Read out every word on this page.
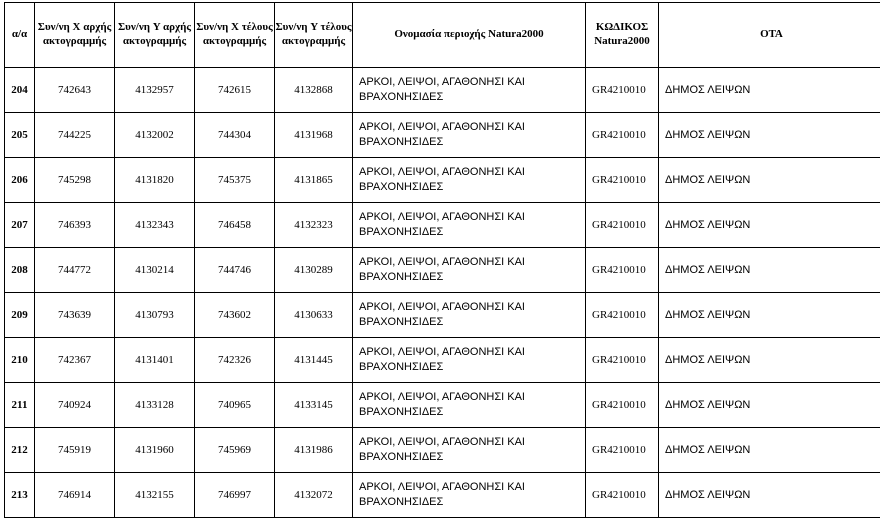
α/α	Συν/νη X αρχής ακτογραμμής	Συν/νη Y αρχής ακτογραμμής	Συν/νη X τέλους ακτογραμμής	Συν/νη Y τέλους ακτογραμμής	Ονομασία περιοχής Natura2000	ΚΩΔΙΚΟΣ Natura2000	ΟΤΑ
204	742643	4132957	742615	4132868	ΑΡΚΟΙ, ΛΕΙΨΟΙ, ΑΓΑΘΟΝΗΣΙ ΚΑΙ ΒΡΑΧΟΝΗΣΙΔΕΣ	GR4210010	ΔΗΜΟΣ ΛΕΙΨΩΝ
205	744225	4132002	744304	4131968	ΑΡΚΟΙ, ΛΕΙΨΟΙ, ΑΓΑΘΟΝΗΣΙ ΚΑΙ ΒΡΑΧΟΝΗΣΙΔΕΣ	GR4210010	ΔΗΜΟΣ ΛΕΙΨΩΝ
206	745298	4131820	745375	4131865	ΑΡΚΟΙ, ΛΕΙΨΟΙ, ΑΓΑΘΟΝΗΣΙ ΚΑΙ ΒΡΑΧΟΝΗΣΙΔΕΣ	GR4210010	ΔΗΜΟΣ ΛΕΙΨΩΝ
207	746393	4132343	746458	4132323	ΑΡΚΟΙ, ΛΕΙΨΟΙ, ΑΓΑΘΟΝΗΣΙ ΚΑΙ ΒΡΑΧΟΝΗΣΙΔΕΣ	GR4210010	ΔΗΜΟΣ ΛΕΙΨΩΝ
208	744772	4130214	744746	4130289	ΑΡΚΟΙ, ΛΕΙΨΟΙ, ΑΓΑΘΟΝΗΣΙ ΚΑΙ ΒΡΑΧΟΝΗΣΙΔΕΣ	GR4210010	ΔΗΜΟΣ ΛΕΙΨΩΝ
209	743639	4130793	743602	4130633	ΑΡΚΟΙ, ΛΕΙΨΟΙ, ΑΓΑΘΟΝΗΣΙ ΚΑΙ ΒΡΑΧΟΝΗΣΙΔΕΣ	GR4210010	ΔΗΜΟΣ ΛΕΙΨΩΝ
210	742367	4131401	742326	4131445	ΑΡΚΟΙ, ΛΕΙΨΟΙ, ΑΓΑΘΟΝΗΣΙ ΚΑΙ ΒΡΑΧΟΝΗΣΙΔΕΣ	GR4210010	ΔΗΜΟΣ ΛΕΙΨΩΝ
211	740924	4133128	740965	4133145	ΑΡΚΟΙ, ΛΕΙΨΟΙ, ΑΓΑΘΟΝΗΣΙ ΚΑΙ ΒΡΑΧΟΝΗΣΙΔΕΣ	GR4210010	ΔΗΜΟΣ ΛΕΙΨΩΝ
212	745919	4131960	745969	4131986	ΑΡΚΟΙ, ΛΕΙΨΟΙ, ΑΓΑΘΟΝΗΣΙ ΚΑΙ ΒΡΑΧΟΝΗΣΙΔΕΣ	GR4210010	ΔΗΜΟΣ ΛΕΙΨΩΝ
213	746914	4132155	746997	4132072	ΑΡΚΟΙ, ΛΕΙΨΟΙ, ΑΓΑΘΟΝΗΣΙ ΚΑΙ ΒΡΑΧΟΝΗΣΙΔΕΣ	GR4210010	ΔΗΜΟΣ ΛΕΙΨΩΝ
